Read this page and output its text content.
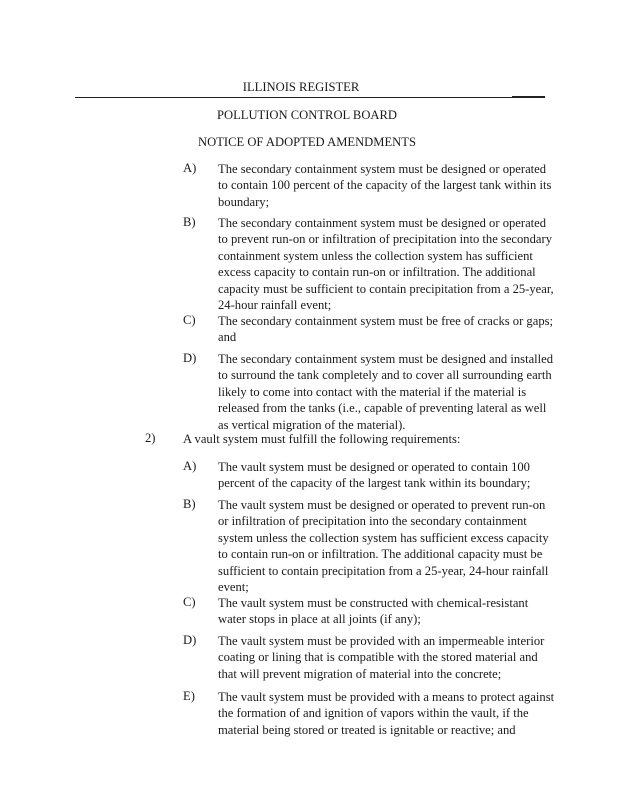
ILLINOIS REGISTER
POLLUTION CONTROL BOARD
NOTICE OF ADOPTED AMENDMENTS
A) The secondary containment system must be designed or operated
to contain 100 percent of the capacity of the largest tank within its
boundary;
B) The secondary containment system must be designed or operated
to prevent run-on or infiltration of precipitation into the secondary
containment system unless the collection system has sufficient
excess capacity to contain run-on or infiltration. The additional
capacity must be sufficient to contain precipitation from a 25-year,
24-hour rainfall event;
C) The secondary containment system must be free of cracks or gaps;
and
D) The secondary containment system must be designed and installed
to surround the tank completely and to cover all surrounding earth
likely to come into contact with the material if the material is
released from the tanks (i.e., capable of preventing lateral as well
as vertical migration of the material).
2) A vault system must fulfill the following requirements:
A) The vault system must be designed or operated to contain 100
percent of the capacity of the largest tank within its boundary;
B) The vault system must be designed or operated to prevent run-on
or infiltration of precipitation into the secondary containment
system unless the collection system has sufficient excess capacity
to contain run-on or infiltration. The additional capacity must be
sufficient to contain precipitation from a 25-year, 24-hour rainfall
event;
C) The vault system must be constructed with chemical-resistant
water stops in place at all joints (if any);
D) The vault system must be provided with an impermeable interior
coating or lining that is compatible with the stored material and
that will prevent migration of material into the concrete;
E) The vault system must be provided with a means to protect against
the formation of and ignition of vapors within the vault, if the
material being stored or treated is ignitable or reactive; and
